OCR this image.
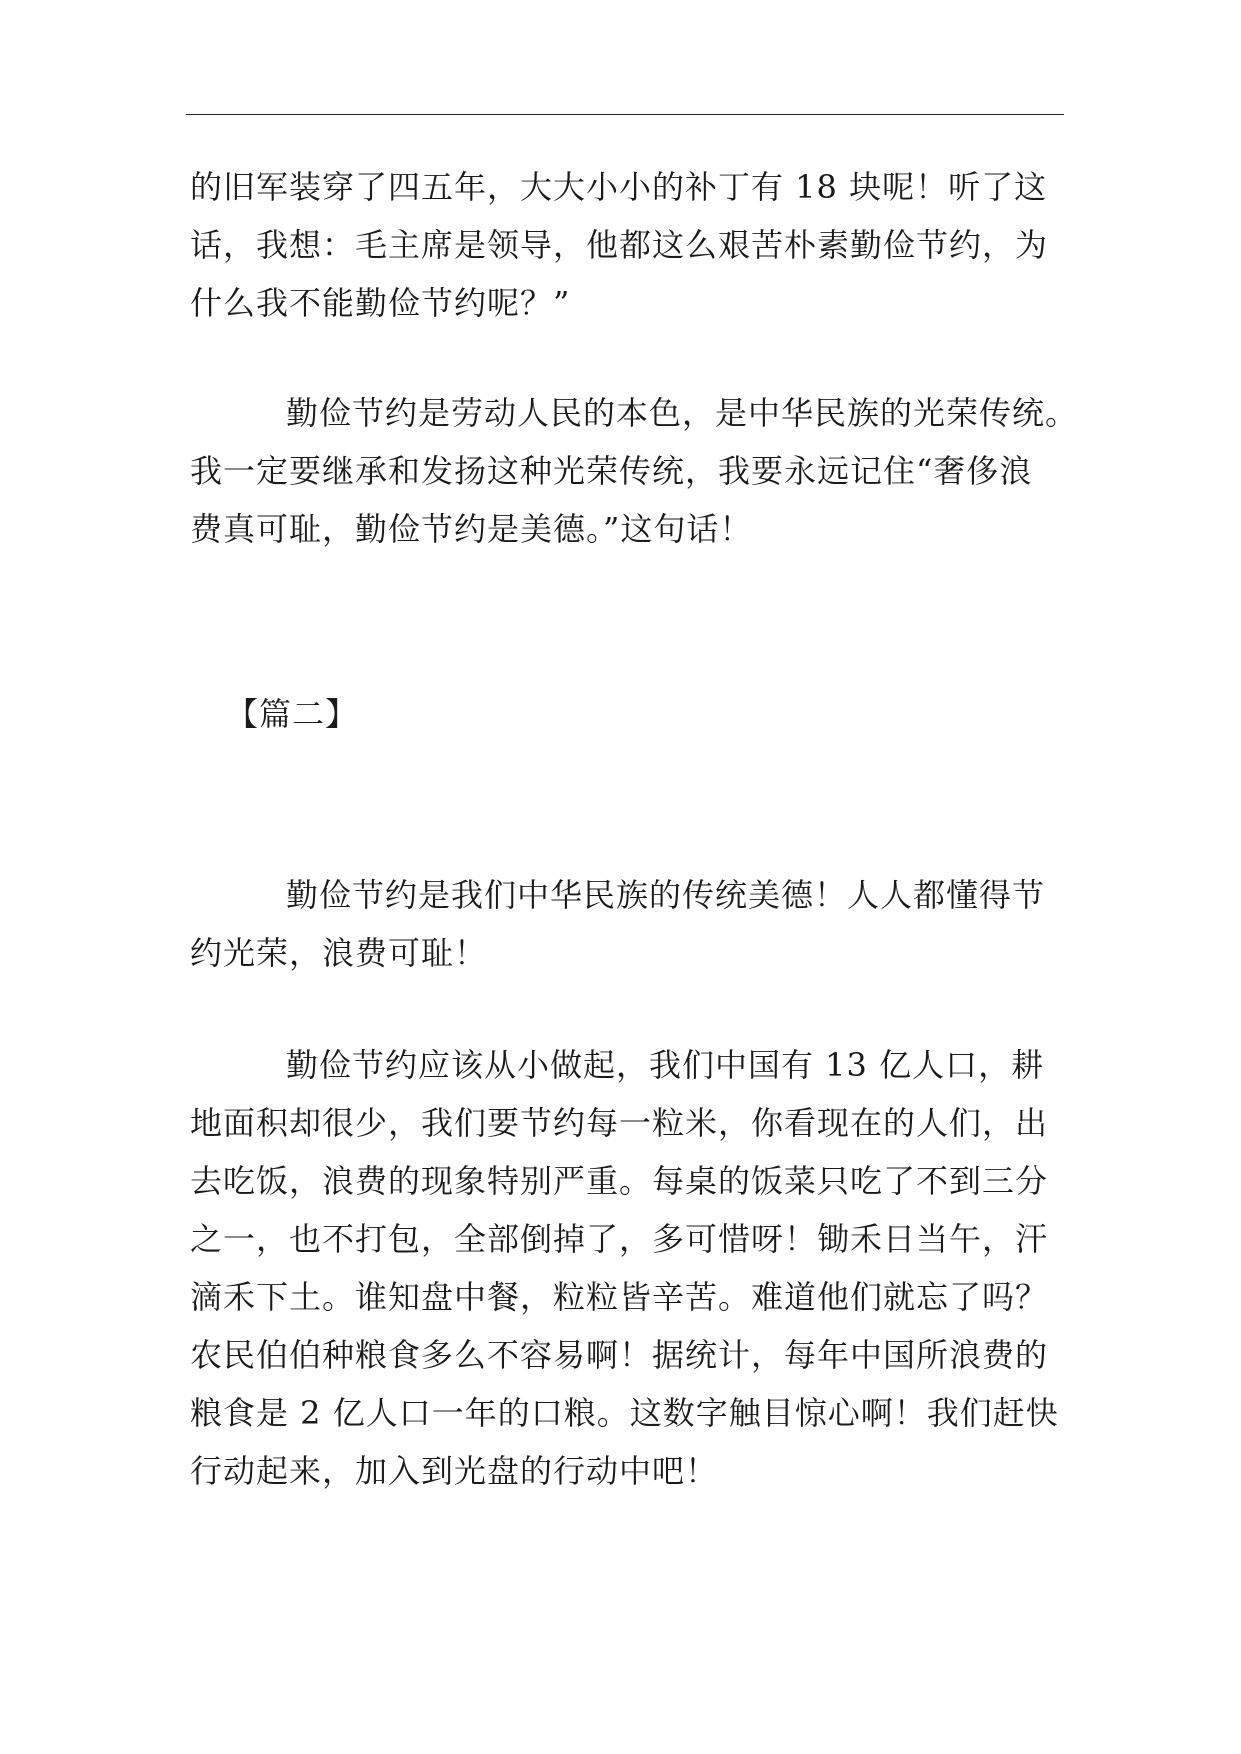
的旧军装穿了四五年，大大小小的补丁有 18 块呢！听了这
话，我想：毛主席是领导，他都这么艰苦朴素勤俭节约，为
什么我不能勤俭节约呢？”

勤俭节约是劳动人民的本色，是中华民族的光荣传统。
我一定要继承和发扬这种光荣传统，我要永远记住“奢侈浪
费真可耻，勤俭节约是美德。”这句话！

【篇二】

勤俭节约是我们中华民族的传统美德！人人都懂得节
约光荣，浪费可耻！

勤俭节约应该从小做起，我们中国有 13 亿人口，耕
地面积却很少，我们要节约每一粒米，你看现在的人们，出
去吃饭，浪费的现象特别严重。每桌的饭菜只吃了不到三分
之一，也不打包，全部倒掉了，多可惜呀！锄禾日当午，汗
滴禾下土。谁知盘中餐，粒粒皆辛苦。难道他们就忘了吗？
农民伯伯种粮食多么不容易啊！据统计，每年中国所浪费的
粮食是 2 亿人口一年的口粮。这数字触目惊心啊！我们赶快
行动起来，加入到光盘的行动中吧！
